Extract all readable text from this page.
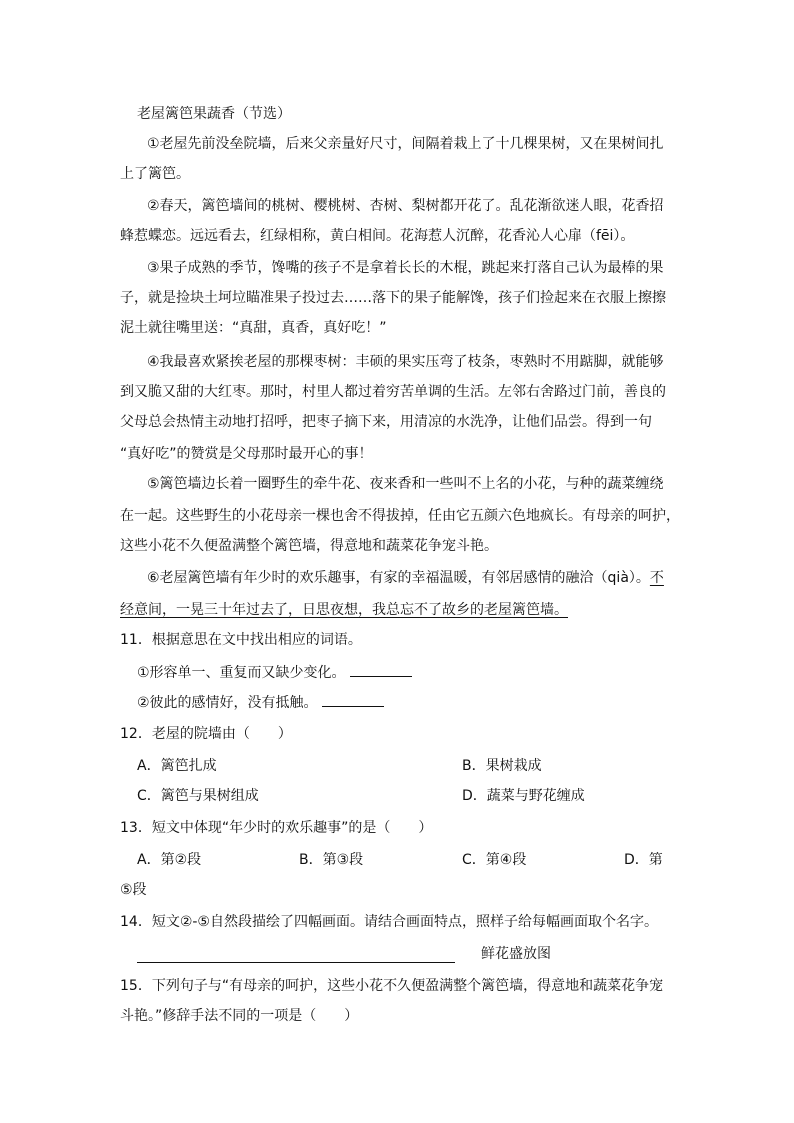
老屋篱笆果蔬香（节选）
①老屋先前没垒院墙，后来父亲量好尺寸，间隔着栽上了十几棵果树，又在果树间扎
上了篱笆。
②春天，篱笆墙间的桃树、樱桃树、杏树、梨树都开花了。乱花渐欲迷人眼，花香招
蜂惹蝶恋。远远看去，红绿相称，黄白相间。花海惹人沉醉，花香沁人心扉（fēi）。
③果子成熟的季节，馋嘴的孩子不是拿着长长的木棍，跳起来打落自己认为最棒的果
子，就是捡块土坷垃瞄准果子投过去……落下的果子能解馋，孩子们捡起来在衣服上擦擦
泥土就往嘴里送：“真甜，真香，真好吃！”
④我最喜欢紧挨老屋的那棵枣树：丰硕的果实压弯了枝条，枣熟时不用踮脚，就能够
到又脆又甜的大红枣。那时，村里人都过着穷苦单调的生活。左邻右舍路过门前，善良的
父母总会热情主动地打招呼，把枣子摘下来，用清凉的水洗净，让他们品尝。得到一句
“真好吃”的赞赏是父母那时最开心的事！
⑤篱笆墙边长着一圈野生的牵牛花、夜来香和一些叫不上名的小花，与种的蔬菜缠绕
在一起。这些野生的小花母亲一棵也舍不得拔掉，任由它五颜六色地疯长。有母亲的呵护，
这些小花不久便盈满整个篱笆墙，得意地和蔬菜花争宠斗艳。
⑥老屋篱笆墙有年少时的欢乐趣事，有家的幸福温暖，有邻居感情的融洽（qià）。不
经意间，一晃三十年过去了，日思夜想，我总忘不了故乡的老屋篱笆墙。
11．根据意思在文中找出相应的词语。
①形容单一、重复而又缺少变化。
②彼此的感情好，没有抵触。
12．老屋的院墙由（　　）
A．篱笆扎成	B．果树栽成
C．篱笆与果树组成	D．蔬菜与野花缠成
13．短文中体现“年少时的欢乐趣事”的是（　　）
A．第②段	B．第③段	C．第④段	D．第
⑤段
14．短文②-⑤自然段描绘了四幅画面。请结合画面特点，照样子给每幅画面取个名字。
鲜花盛放图
15．下列句子与“有母亲的呵护，这些小花不久便盈满整个篱笆墙，得意地和蔬菜花争宠
斗艳。”修辞手法不同的一项是（　　）
